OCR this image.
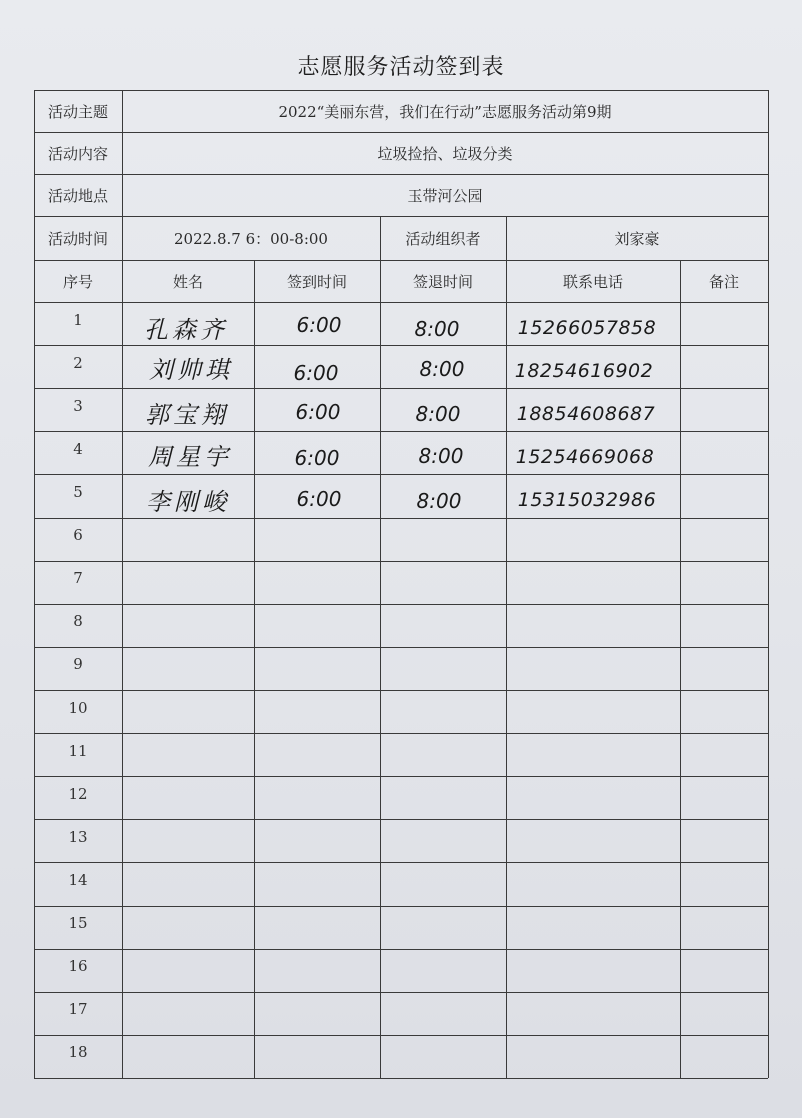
志愿服务活动签到表
活动主题	2022“美丽东营，我们在行动”志愿服务活动第9期
活动内容	垃圾捡拾、垃圾分类
活动地点	玉带河公园
活动时间	2022.8.7 6：00-8:00	活动组织者	刘家豪
序号	姓名	签到时间	签退时间	联系电话	备注
1	孔森齐	6:00	8:00	15266057858
2	刘帅琪	6:00	8:00	18254616902
3	郭宝翔	6:00	8:00	18854608687
4	周星宇	6:00	8:00	15254669068
5	李刚峻	6:00	8:00	15315032986
6
7
8
9
10
11
12
13
14
15
16
17
18
